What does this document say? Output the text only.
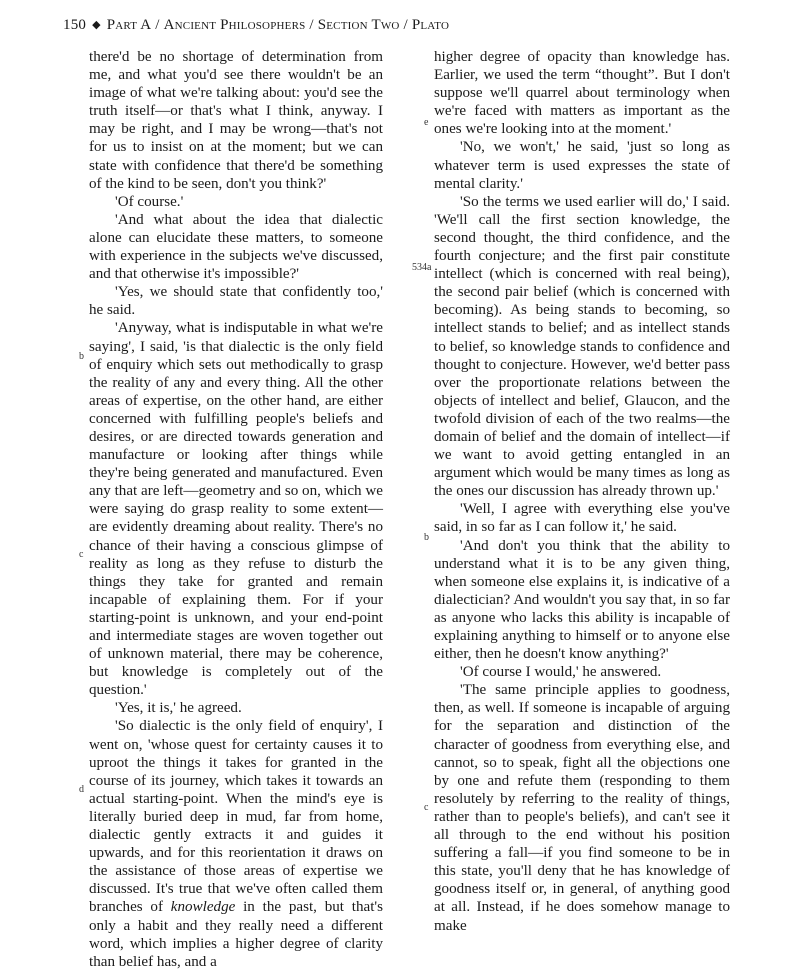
150 ◆ Part A / Ancient Philosophers / Section Two / Plato

there'd be no shortage of determination from me, and what you'd see there wouldn't be an image of what we're talking about: you'd see the truth itself—or that's what I think, anyway. I may be right, and I may be wrong—that's not for us to insist on at the moment; but we can state with confidence that there'd be something of the kind to be seen, don't you think?'

'Of course.'

'And what about the idea that dialectic alone can elucidate these matters, to someone with experience in the subjects we've discussed, and that otherwise it's impossible?'

'Yes, we should state that confidently too,' he said.

'Anyway, what is indisputable in what we're saying', I said, 'is that dialectic is the only field of enquiry which sets out methodically to grasp the reality of any and every thing. All the other areas of expertise, on the other hand, are either concerned with fulfilling people's beliefs and desires, or are directed towards generation and manufacture or looking after things while they're being generated and manufactured. Even any that are left—geometry and so on, which we were saying do grasp reality to some extent—are evidently dreaming about reality. There's no chance of their having a conscious glimpse of reality as long as they refuse to disturb the things they take for granted and remain incapable of explaining them. For if your starting-point is unknown, and your end-point and intermediate stages are woven together out of unknown material, there may be coherence, but knowledge is completely out of the question.'

'Yes, it is,' he agreed.

'So dialectic is the only field of enquiry', I went on, 'whose quest for certainty causes it to uproot the things it takes for granted in the course of its journey, which takes it towards an actual starting-point. When the mind's eye is literally buried deep in mud, far from home, dialectic gently extracts it and guides it upwards, and for this reorientation it draws on the assistance of those areas of expertise we discussed. It's true that we've often called them branches of knowledge in the past, but that's only a habit and they really need a different word, which implies a higher degree of clarity than belief has, and a

higher degree of opacity than knowledge has. Earlier, we used the term “thought”. But I don't suppose we'll quarrel about terminology when we're faced with matters as important as the ones we're looking into at the moment.'

'No, we won't,' he said, 'just so long as whatever term is used expresses the state of mental clarity.'

'So the terms we used earlier will do,' I said. 'We'll call the first section knowledge, the second thought, the third confidence, and the fourth conjecture; and the first pair constitute intellect (which is concerned with real being), the second pair belief (which is concerned with becoming). As being stands to becoming, so intellect stands to belief; and as intellect stands to belief, so knowledge stands to confidence and thought to conjecture. However, we'd better pass over the proportionate relations between the objects of intellect and belief, Glaucon, and the twofold division of each of the two realms—the domain of belief and the domain of intellect—if we want to avoid getting entangled in an argument which would be many times as long as the ones our discussion has already thrown up.'

'Well, I agree with everything else you've said, in so far as I can follow it,' he said.

'And don't you think that the ability to understand what it is to be any given thing, when someone else explains it, is indicative of a dialectician? And wouldn't you say that, in so far as anyone who lacks this ability is incapable of explaining anything to himself or to anyone else either, then he doesn't know anything?'

'Of course I would,' he answered.

'The same principle applies to goodness, then, as well. If someone is incapable of arguing for the separation and distinction of the character of goodness from everything else, and cannot, so to speak, fight all the objections one by one and refute them (responding to them resolutely by referring to the reality of things, rather than to people's beliefs), and can't see it all through to the end without his position suffering a fall—if you find someone to be in this state, you'll deny that he has knowledge of goodness itself or, in general, of anything good at all. Instead, if he does somehow manage to make

b
c
d
e
534a
b
c
